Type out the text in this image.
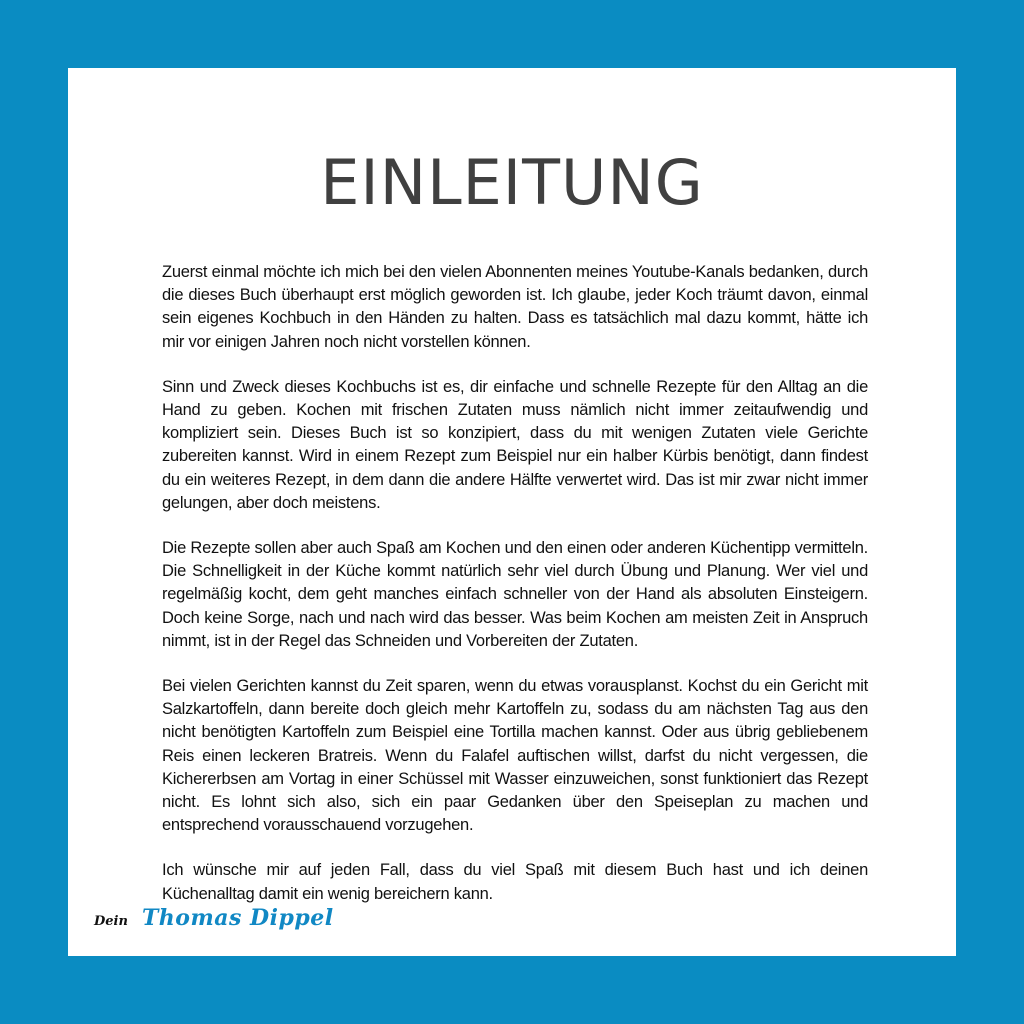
EINLEITUNG

Zuerst einmal möchte ich mich bei den vielen Abonnenten meines Youtube-Kanals bedanken, durch die dieses Buch überhaupt erst möglich geworden ist. Ich glaube, jeder Koch träumt davon, einmal sein eigenes Kochbuch in den Händen zu halten. Dass es tatsächlich mal dazu kommt, hätte ich mir vor einigen Jahren noch nicht vorstellen können.

Sinn und Zweck dieses Kochbuchs ist es, dir einfache und schnelle Rezepte für den Alltag an die Hand zu geben. Kochen mit frischen Zutaten muss nämlich nicht immer zeitaufwendig und kompliziert sein. Dieses Buch ist so konzipiert, dass du mit wenigen Zutaten viele Gerichte zubereiten kannst. Wird in einem Rezept zum Beispiel nur ein halber Kürbis benötigt, dann findest du ein weiteres Rezept, in dem dann die andere Hälfte verwertet wird. Das ist mir zwar nicht immer gelungen, aber doch meistens.

Die Rezepte sollen aber auch Spaß am Kochen und den einen oder anderen Küchentipp vermitteln. Die Schnelligkeit in der Küche kommt natürlich sehr viel durch Übung und Planung. Wer viel und regelmäßig kocht, dem geht manches einfach schneller von der Hand als absoluten Einsteigern. Doch keine Sorge, nach und nach wird das besser. Was beim Kochen am meisten Zeit in Anspruch nimmt, ist in der Regel das Schneiden und Vorbereiten der Zutaten.

Bei vielen Gerichten kannst du Zeit sparen, wenn du etwas vorausplanst. Kochst du ein Gericht mit Salzkartoffeln, dann bereite doch gleich mehr Kartoffeln zu, sodass du am nächsten Tag aus den nicht benötigten Kartoffeln zum Beispiel eine Tortilla machen kannst. Oder aus übrig gebliebenem Reis einen leckeren Bratreis. Wenn du Falafel auftischen willst, darfst du nicht vergessen, die Kichererbsen am Vortag in einer Schüssel mit Wasser einzuweichen, sonst funktioniert das Rezept nicht. Es lohnt sich also, sich ein paar Gedanken über den Speiseplan zu machen und entsprechend vorausschauend vorzugehen.

Ich wünsche mir auf jeden Fall, dass du viel Spaß mit diesem Buch hast und ich deinen Küchenalltag damit ein wenig bereichern kann.

Dein Thomas Dippel
